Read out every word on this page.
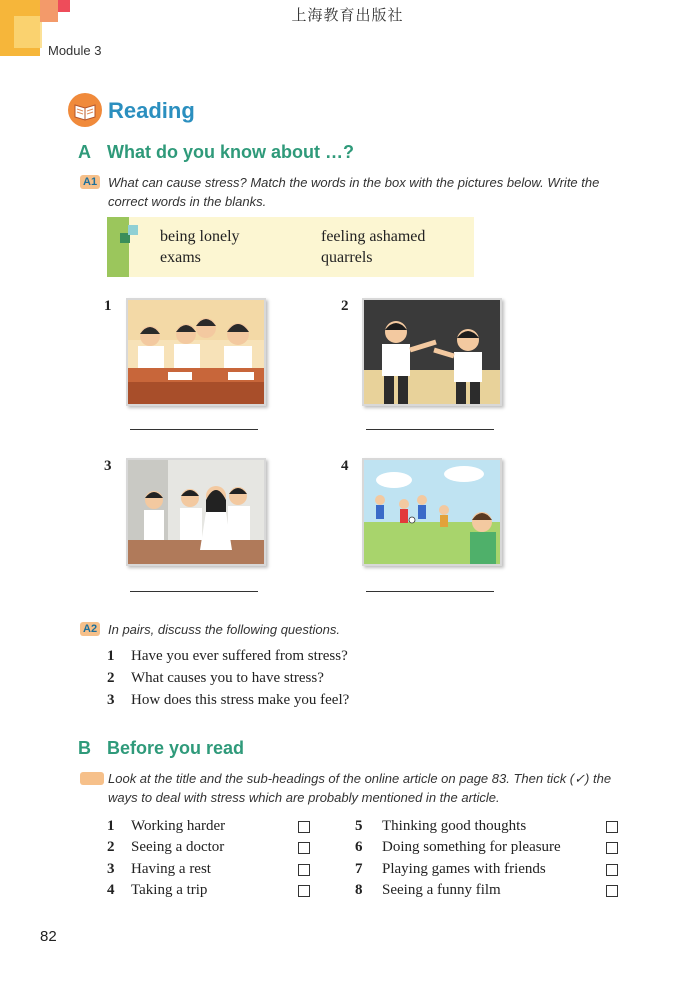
上海教育出版社
Module 3
Reading
A What do you know about …?
A1 What can cause stress? Match the words in the box with the pictures below. Write the correct words in the blanks.
being lonely	feeling ashamed
exams	quarrels
1	2
3	4
A2 In pairs, discuss the following questions.
1 Have you ever suffered from stress?
2 What causes you to have stress?
3 How does this stress make you feel?
B Before you read
Look at the title and the sub-headings of the online article on page 83. Then tick (✓) the ways to deal with stress which are probably mentioned in the article.
1 Working harder
2 Seeing a doctor
3 Having a rest
4 Taking a trip
5 Thinking good thoughts
6 Doing something for pleasure
7 Playing games with friends
8 Seeing a funny film
82
